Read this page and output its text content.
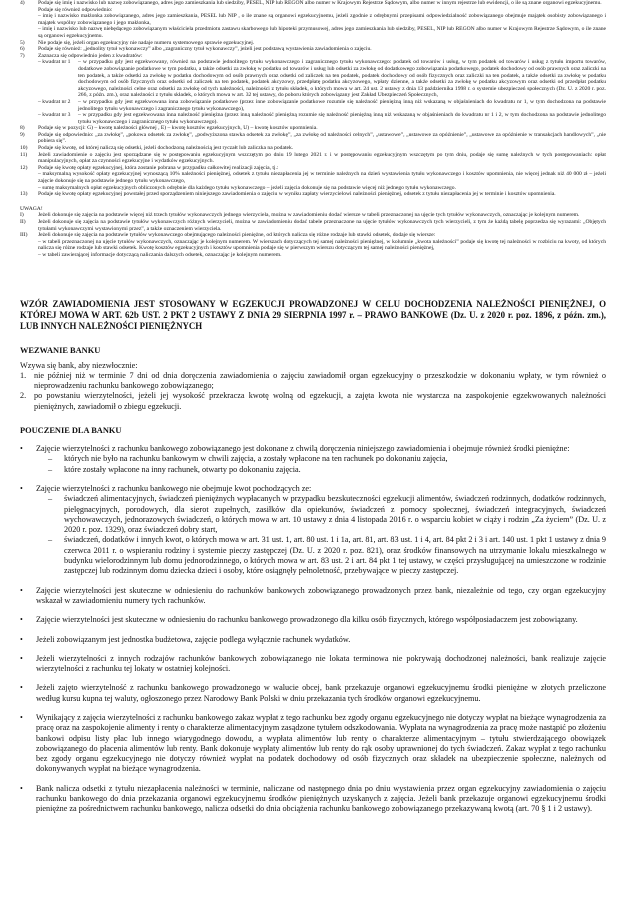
4)	Podaje się imię i nazwisko lub nazwę zobowiązanego, adres jego zamieszkania lub siedziby, PESEL, NIP lub REGON albo numer w Krajowym Rejestrze Sądowym, albo numer w innym rejestrze lub ewidencji, o ile są znane organowi egzekucyjnemu.
Podaje się również odpowiednio:
– imię i nazwisko małżonka zobowiązanego, adres jego zamieszkania, PESEL lub NIP , o ile znane są organowi egzekucyjnemu, jeżeli zgodnie z odrębnymi przepisami odpowiedzialność zobowiązanego obejmuje majątek osobisty zobowiązanego i majątek wspólny zobowiązanego i jego małżonka,
– imię i nazwisko lub nazwę niebędącego zobowiązanym właściciela przedmiotu zastawu skarbowego lub hipoteki przymusowej, adres jego zamieszkania lub siedziby, PESEL, NIP lub REGON albo numer w Krajowym Rejestrze Sądowym, o ile znane są organowi egzekucyjnemu.
5)	Nie podaje się, jeżeli organ egzekucyjny nie nadaje numeru systemowego sprawie egzekucyjnej.
6)	Podaje się również: „jednolity tytuł wykonawczy” albo „zagraniczny tytuł wykonawczy”, jeżeli jest podstawą wystawienia zawiadomienia o zajęciu.
7)	Zaznacza się odpowiednio jeden z kwadratów:
– kwadrat nr 1	– w przypadku gdy jest egzekwowany, również na podstawie jednolitego tytułu wykonawczego i zagranicznego tytułu wykonawczego: podatek od towarów i usług, w tym podatek od towarów i usług z tytułu importu towarów, dodatkowe zobowiązanie podatkowe w tym podatku, a także odsetki za zwłokę w podatku od towarów i usług lub odsetki za zwłokę od dodatkowego zobowiązania podatkowego, podatek dochodowy od osób prawnych oraz zaliczki na ten podatek, a także odsetki za zwłokę w podatku dochodowym od osób prawnych oraz odsetki od zaliczek na ten podatek, podatek dochodowy od osób fizycznych oraz zaliczki na ten podatek, a także odsetki za zwłokę w podatku dochodowym od osób fizycznych oraz odsetki od zaliczek na ten podatek, podatek akcyzowy, przedpłatę podatku akcyzowego, wpłaty dzienne, a także odsetki za zwłokę w podatku akcyzowym oraz odsetki od przedpłat podatku akcyzowego, należności celne oraz odsetki za zwłokę od tych należności, należności z tytułu składek, o których mowa w art. 24 ust. 2 ustawy z dnia 13 października 1998 r. o systemie ubezpieczeń społecznych (Dz. U. z 2020 r. poz. 266, z późn. zm.), oraz należności z tytułu składek, o których mowa w art. 32 tej ustawy, do poboru których zobowiązany jest Zakład Ubezpieczeń Społecznych,
– kwadrat nr 2	– w przypadku gdy jest egzekwowana inna zobowiązanie podatkowe (przez inne zobowiązanie podatkowe rozumie się należność pieniężną inną niż wskazaną w objaśnieniach do kwadratu nr 1, w tym dochodzona na podstawie jednolitego tytułu wykonawczego i zagranicznego tytułu wykonawczego),
– kwadrat nr 3	– w przypadku gdy jest egzekwowana inna należność pieniężna (przez inną należność pieniężną rozumie się należność pieniężną inną niż wskazaną w objaśnieniach do kwadratu nr 1 i 2, w tym dochodzona na podstawie jednolitego tytułu wykonawczego i zagranicznego tytułu wykonawczego).
8)	Podaje się w pozycji: G) – kwotę należności głównej , E) – kwotę kosztów egzekucyjnych, U) – kwotę kosztów upomnienia.
9)	Podaje się odpowiednio: „za zwłokę”, „pokowa odsetek za zwłokę”, „podwyższona stawka odsetek za zwłokę”, „za zwłokę od należności celnych”, „ustawowe”, „ustawowe za opóźnienie”, „ustawowe za opóźnienie w transakcjach handlowych”, „nie pobiera się”.
10)	Podaje się kwotę, od której naliczą się odsetki, jeżeli dochodzoną należnością jest ryczałt lub zaliczka na podatek.
11)	Jeżeli zawiadomienie o zajęciu jest sporządzane się w postępowaniu egzekucyjnym wszczętym po dniu 19 lutego 2021 r. i w postępowaniu egzekucyjnym wszczętym po tym dniu, podaje się sumę należnych w tych postępowaniach: opłat manipulacyjnych, opłat za czynności egzekucyjne i wydatków egzekucyjnych.
12)	Podaje się kwotę opłaty egzekucyjnej, która zostanie pobrana w przypadku całkowitej realizacji zajęcia, tj.:
– maksymalną wysokość opłaty egzekucyjnej wynoszącą 10% należności pieniężnej, odsetek z tytułu niezapłacenia jej w terminie należnych na dzień wystawienia tytułu wykonawczego i kosztów upomnienia, nie więcej jednak niż 40 000 zł – jeżeli zajęcie dokonuje się na podstawie jednego tytułu wykonawczego,
– sumę maksymalnych opłat egzekucyjnych obliczonych odrębnie dla każdego tytułu wykonawczego – jeżeli zajęcia dokonuje się na podstawie więcej niż jednego tytułu wykonawczego.
13)	Podaje się kwotę opłaty egzekucyjnej powstałej przed sporządzeniem niniejszego zawiadomienia o zajęciu w wyniku zapłaty wierzycielowi należności pieniężnej, odsetek z tytułu niezapłacenia jej w terminie i kosztów upomnienia.
UWAGA!
I)	Jeżeli dokonuje się zajęcia na podstawie więcej niż trzech tytułów wykonawczych jednego wierzyciela, można w zawiadomieniu dodać wiersze w tabeli przeznaczonej na ujęcie tych tytułów wykonawczych, oznaczając je kolejnym numerem.
II)	Jeżeli dokonuje się zajęcia na podstawie tytułów wykonawczych różnych wierzycieli, można w zawiadomieniu dodać tabele przeznaczone na ujęcie tytułów wykonawczych tych wierzycieli, z tym że każdą tabelę poprzedza się wyrazami: „Objętych tytułami wykonawczymi wystawionymi przez”, a także oznaczeniem wierzyciela.
III)	Jeżeli dokonuje się zajęcia na podstawie tytułów wykonawczego obejmującego należności pieniężne, od których nalicza się różne rodzaje lub stawki odsetek, dodaje się wiersze:
– w tabeli przeznaczonej na ujęcie tytułów wykonawczych, oznaczając je kolejnym numerem. W wierszach dotyczących tej samej należności pieniężnej, w kolumnie „kwota należności” podaje się kwotę tej należności w rozbiciu na kwoty, od których nalicza się różne rodzaje lub stawki odsetek. Kwotę kosztów egzekucyjnych i kosztów upomnienia podaje się w pierwszym wierszu dotyczącym tej samej należności pieniężnej,
– w tabeli zawierającej informacje dotyczącą naliczania dalszych odsetek, oznaczając je kolejnym numerem.
WZÓR ZAWIADOMIENIA JEST STOSOWANY W EGZEKUCJI PROWADZONEJ W CELU DOCHODZENIA NALEŻNOŚCI PIENIĘŻNEJ, O KTÓREJ MOWA W ART. 62b UST. 2 PKT 2 USTAWY Z DNIA 29 SIERPNIA 1997 r. – PRAWO BANKOWE (Dz. U. z 2020 r. poz. 1896, z późn. zm.), LUB INNYCH NALEŻNOŚCI PIENIĘŻNYCH
WEZWANIE BANKU
Wzywa się bank, aby niezwłocznie:
1. nie później niż w terminie 7 dni od dnia doręczenia zawiadomienia o zajęciu zawiadomił organ egzekucyjny o przeszkodzie w dokonaniu wpłaty, w tym również o nieprowadzeniu rachunku bankowego zobowiązanego;
2. po powstaniu wierzytelności, jeżeli jej wysokość przekracza kwotę wolną od egzekucji, a zajęta kwota nie wystarcza na zaspokojenie egzekwowanych należności pieniężnych, zawiadomił o zbiegu egzekucji.
POUCZENIE DLA BANKU
•	Zajęcie wierzytelności z rachunku bankowego zobowiązanego jest dokonane z chwilą doręczenia niniejszego zawiadomienia i obejmuje również środki pieniężne:
–	których nie było na rachunku bankowym w chwili zajęcia, a zostały wpłacone na ten rachunek po dokonaniu zajęcia,
–	które zostały wpłacone na inny rachunek, otwarty po dokonaniu zajęcia.
•	Zajęcie wierzytelności z rachunku bankowego nie obejmuje kwot pochodzących ze:
–	świadczeń alimentacyjnych, świadczeń pieniężnych wypłacanych w przypadku bezskuteczności egzekucji alimentów, świadczeń rodzinnych, dodatków rodzinnych, pielęgnacyjnych, porodowych, dla sierot zupełnych, zasiłków dla opiekunów, świadczeń z pomocy społecznej, świadczeń integracyjnych, świadczeń wychowawczych, jednorazowych świadczeń, o których mowa w art. 10 ustawy z dnia 4 listopada 2016 r. o wsparciu kobiet w ciąży i rodzin „Za życiem” (Dz. U. z 2020 r. poz. 1329), oraz świadczeń dobry start,
–	świadczeń, dodatków i innych kwot, o których mowa w art. 31 ust. 1, art. 80 ust. 1 i 1a, art. 81, art. 83 ust. 1 i 4, art. 84 pkt 2 i 3 i art. 140 ust. 1 pkt 1 ustawy z dnia 9 czerwca 2011 r. o wspieraniu rodziny i systemie pieczy zastępczej (Dz. U. z 2020 r. poz. 821), oraz środków finansowych na utrzymanie lokalu mieszkalnego w budynku wielorodzinnym lub domu jednorodzinnego, o których mowa w art. 83 ust. 2 i art. 84 pkt 1 tej ustawy, w części przysługującej na umieszczone w rodzinie zastępczej lub rodzinnym domu dziecka dzieci i osoby, które osiągnęły pełnoletność, przebywające w pieczy zastępczej.
•	Zajęcie wierzytelności jest skuteczne w odniesieniu do rachunków bankowych zobowiązanego prowadzonych przez bank, niezależnie od tego, czy organ egzekucyjny wskazał w zawiadomieniu numery tych rachunków.
•	Zajęcie wierzytelności jest skuteczne w odniesieniu do rachunku bankowego prowadzonego dla kilku osób fizycznych, którego współposiadaczem jest zobowiązany.
•	Jeżeli zobowiązanym jest jednostka budżetowa, zajęcie podlega wyłącznie rachunek wydatków.
•	Jeżeli wierzytelności z innych rodzajów rachunków bankowych zobowiązanego nie lokata terminowa nie pokrywają dochodzonej należności, bank realizuje zajęcie wierzytelności z rachunku tej lokaty w ostatniej kolejności.
•	Jeżeli zajęto wierzytelność z rachunku bankowego prowadzonego w walucie obcej, bank przekazuje organowi egzekucyjnemu środki pieniężne w złotych przeliczone według kursu kupna tej waluty, ogłoszonego przez Narodowy Bank Polski w dniu przekazania tych środków organowi egzekucyjnemu.
•	Wynikający z zajęcia wierzytelności z rachunku bankowego zakaz wypłat z tego rachunku bez zgody organu egzekucyjnego nie dotyczy wypłat na bieżące wynagrodzenia za pracę oraz na zaspokojenie alimenty i renty o charakterze alimentacyjnym zasądzone tytułem odszkodowania. Wypłata na wynagrodzenia za pracę może nastąpić po złożeniu bankowi odpisu listy płac lub innego wiarygodnego dowodu, a wypłata alimentów lub renty o charakterze alimentacyjnym – tytułu stwierdzającego obowiązek zobowiązanego do płacenia alimentów lub renty. Bank dokonuje wypłaty alimentów lub renty do rąk osoby uprawnionej do tych świadczeń. Zakaz wypłat z tego rachunku bez zgody organu egzekucyjnego nie dotyczy również wypłat na podatek dochodowy od osób fizycznych oraz składek na ubezpieczenie społeczne, należnych od dokonywanych wypłat na bieżące wynagrodzenia.
•	Bank nalicza odsetki z tytułu niezapłacenia należności w terminie, naliczane od następnego dnia po dniu wystawienia przez organ egzekucyjny zawiadomienia o zajęciu rachunku bankowego do dnia przekazania organowi egzekucyjnemu środków pieniężnych uzyskanych z zajęcia. Jeżeli bank przekazuje organowi egzekucyjnemu środki pieniężne za pośrednictwem rachunku bankowego, nalicza odsetki do dnia obciążenia rachunku bankowego zobowiązanego przekazywaną kwotą (art. 70 § 1 i 2 ustawy).
